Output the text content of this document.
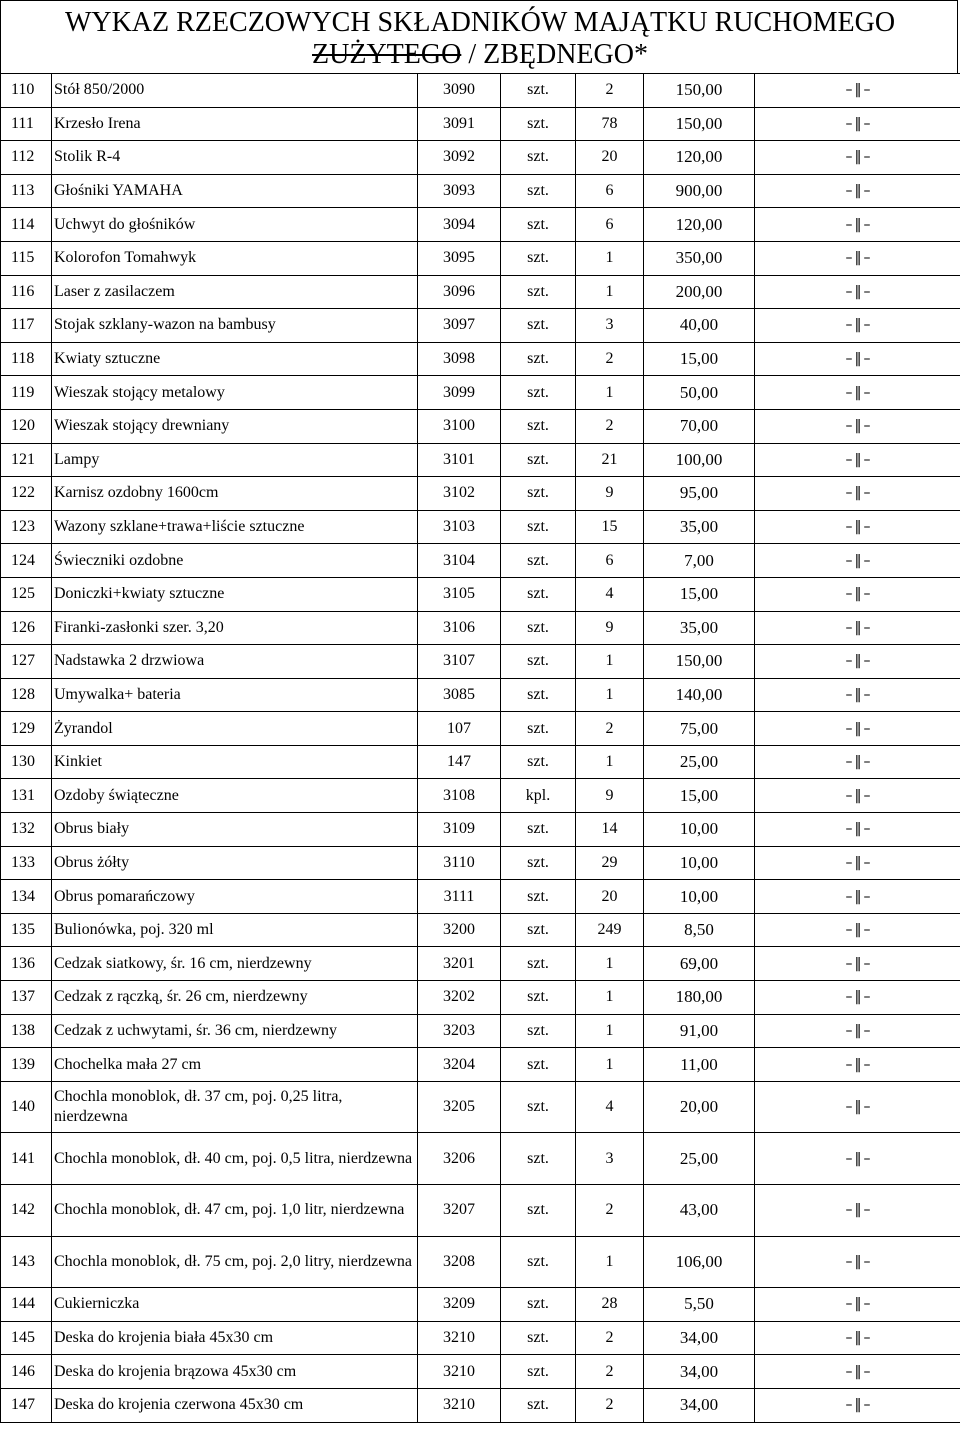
WYKAZ RZECZOWYCH SKŁADNIKÓW MAJĄTKU RUCHOMEGO
ZUŻYTEGO / ZBĘDNEGO*
110	Stół 850/2000	3090	szt.	2	150,00	–‖–
111	Krzesło Irena	3091	szt.	78	150,00	–‖–
112	Stolik R-4	3092	szt.	20	120,00	–‖–
113	Głośniki YAMAHA	3093	szt.	6	900,00	–‖–
114	Uchwyt do głośników	3094	szt.	6	120,00	–‖–
115	Kolorofon Tomahwyk	3095	szt.	1	350,00	–‖–
116	Laser z zasilaczem	3096	szt.	1	200,00	–‖–
117	Stojak szklany-wazon na bambusy	3097	szt.	3	40,00	–‖–
118	Kwiaty sztuczne	3098	szt.	2	15,00	–‖–
119	Wieszak stojący metalowy	3099	szt.	1	50,00	–‖–
120	Wieszak stojący drewniany	3100	szt.	2	70,00	–‖–
121	Lampy	3101	szt.	21	100,00	–‖–
122	Karnisz ozdobny 1600cm	3102	szt.	9	95,00	–‖–
123	Wazony szklane+trawa+liście sztuczne	3103	szt.	15	35,00	–‖–
124	Świeczniki ozdobne	3104	szt.	6	7,00	–‖–
125	Doniczki+kwiaty sztuczne	3105	szt.	4	15,00	–‖–
126	Firanki-zasłonki szer. 3,20	3106	szt.	9	35,00	–‖–
127	Nadstawka 2 drzwiowa	3107	szt.	1	150,00	–‖–
128	Umywalka+ bateria	3085	szt.	1	140,00	–‖–
129	Żyrandol	107	szt.	2	75,00	–‖–
130	Kinkiet	147	szt.	1	25,00	–‖–
131	Ozdoby świąteczne	3108	kpl.	9	15,00	–‖–
132	Obrus biały	3109	szt.	14	10,00	–‖–
133	Obrus żółty	3110	szt.	29	10,00	–‖–
134	Obrus pomarańczowy	3111	szt.	20	10,00	–‖–
135	Bulionówka, poj. 320 ml	3200	szt.	249	8,50	–‖–
136	Cedzak siatkowy, śr. 16 cm, nierdzewny	3201	szt.	1	69,00	–‖–
137	Cedzak z rączką, śr. 26 cm, nierdzewny	3202	szt.	1	180,00	–‖–
138	Cedzak z uchwytami, śr. 36 cm, nierdzewny	3203	szt.	1	91,00	–‖–
139	Chochelka mała 27 cm	3204	szt.	1	11,00	–‖–
140	Chochla monoblok, dł. 37 cm, poj. 0,25 litra, nierdzewna	3205	szt.	4	20,00	–‖–
141	Chochla monoblok, dł. 40 cm, poj. 0,5 litra, nierdzewna	3206	szt.	3	25,00	–‖–
142	Chochla monoblok, dł. 47 cm, poj. 1,0 litr, nierdzewna	3207	szt.	2	43,00	–‖–
143	Chochla monoblok, dł. 75 cm, poj. 2,0 litry, nierdzewna	3208	szt.	1	106,00	–‖–
144	Cukierniczka	3209	szt.	28	5,50	–‖–
145	Deska do krojenia biała 45x30 cm	3210	szt.	2	34,00	–‖–
146	Deska do krojenia brązowa 45x30 cm	3210	szt.	2	34,00	–‖–
147	Deska do krojenia czerwona 45x30 cm	3210	szt.	2	34,00	–‖–
